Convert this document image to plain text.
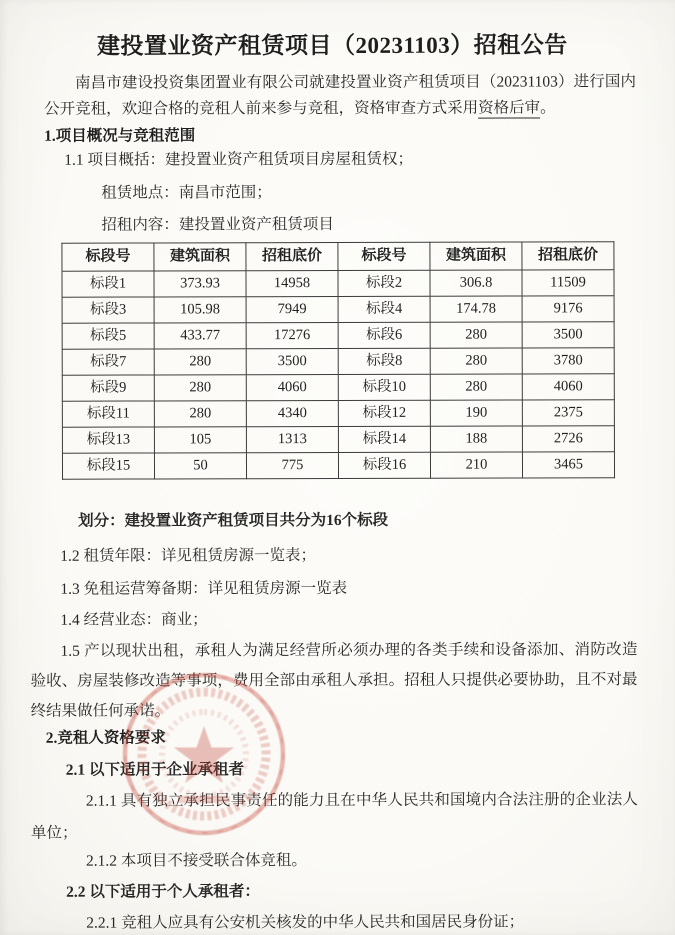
建投置业资产租赁项目（20231103）招租公告

南昌市建设投资集团置业有限公司就建投置业资产租赁项目（20231103）进行国内公开竞租，欢迎合格的竞租人前来参与竞租，资格审查方式采用资格后审。

1.项目概况与竞租范围
1.1 项目概括：建投置业资产租赁项目房屋租赁权；
租赁地点：南昌市范围；
招租内容：建投置业资产租赁项目
标段号	建筑面积	招租底价	标段号	建筑面积	招租底价
标段1	373.93	14958	标段2	306.8	11509
标段3	105.98	7949	标段4	174.78	9176
标段5	433.77	17276	标段6	280	3500
标段7	280	3500	标段8	280	3780
标段9	280	4060	标段10	280	4060
标段11	280	4340	标段12	190	2375
标段13	105	1313	标段14	188	2726
标段15	50	775	标段16	210	3465
划分：建投置业资产租赁项目共分为16个标段
1.2 租赁年限：详见租赁房源一览表；
1.3 免租运营筹备期：详见租赁房源一览表
1.4 经营业态：商业；

1.5 产以现状出租，承租人为满足经营所必须办理的各类手续和设备添加、消防改造验收、房屋装修改造等事项，费用全部由承租人承担。招租人只提供必要协助，且不对最终结果做任何承诺。

2.竞租人资格要求
2.1 以下适用于企业承租者

2.1.1 具有独立承担民事责任的能力且在中华人民共和国境内合法注册的企业法人单位；

2.1.2 本项目不接受联合体竞租。
2.2 以下适用于个人承租者：
2.2.1 竞租人应具有公安机关核发的中华人民共和国居民身份证；
